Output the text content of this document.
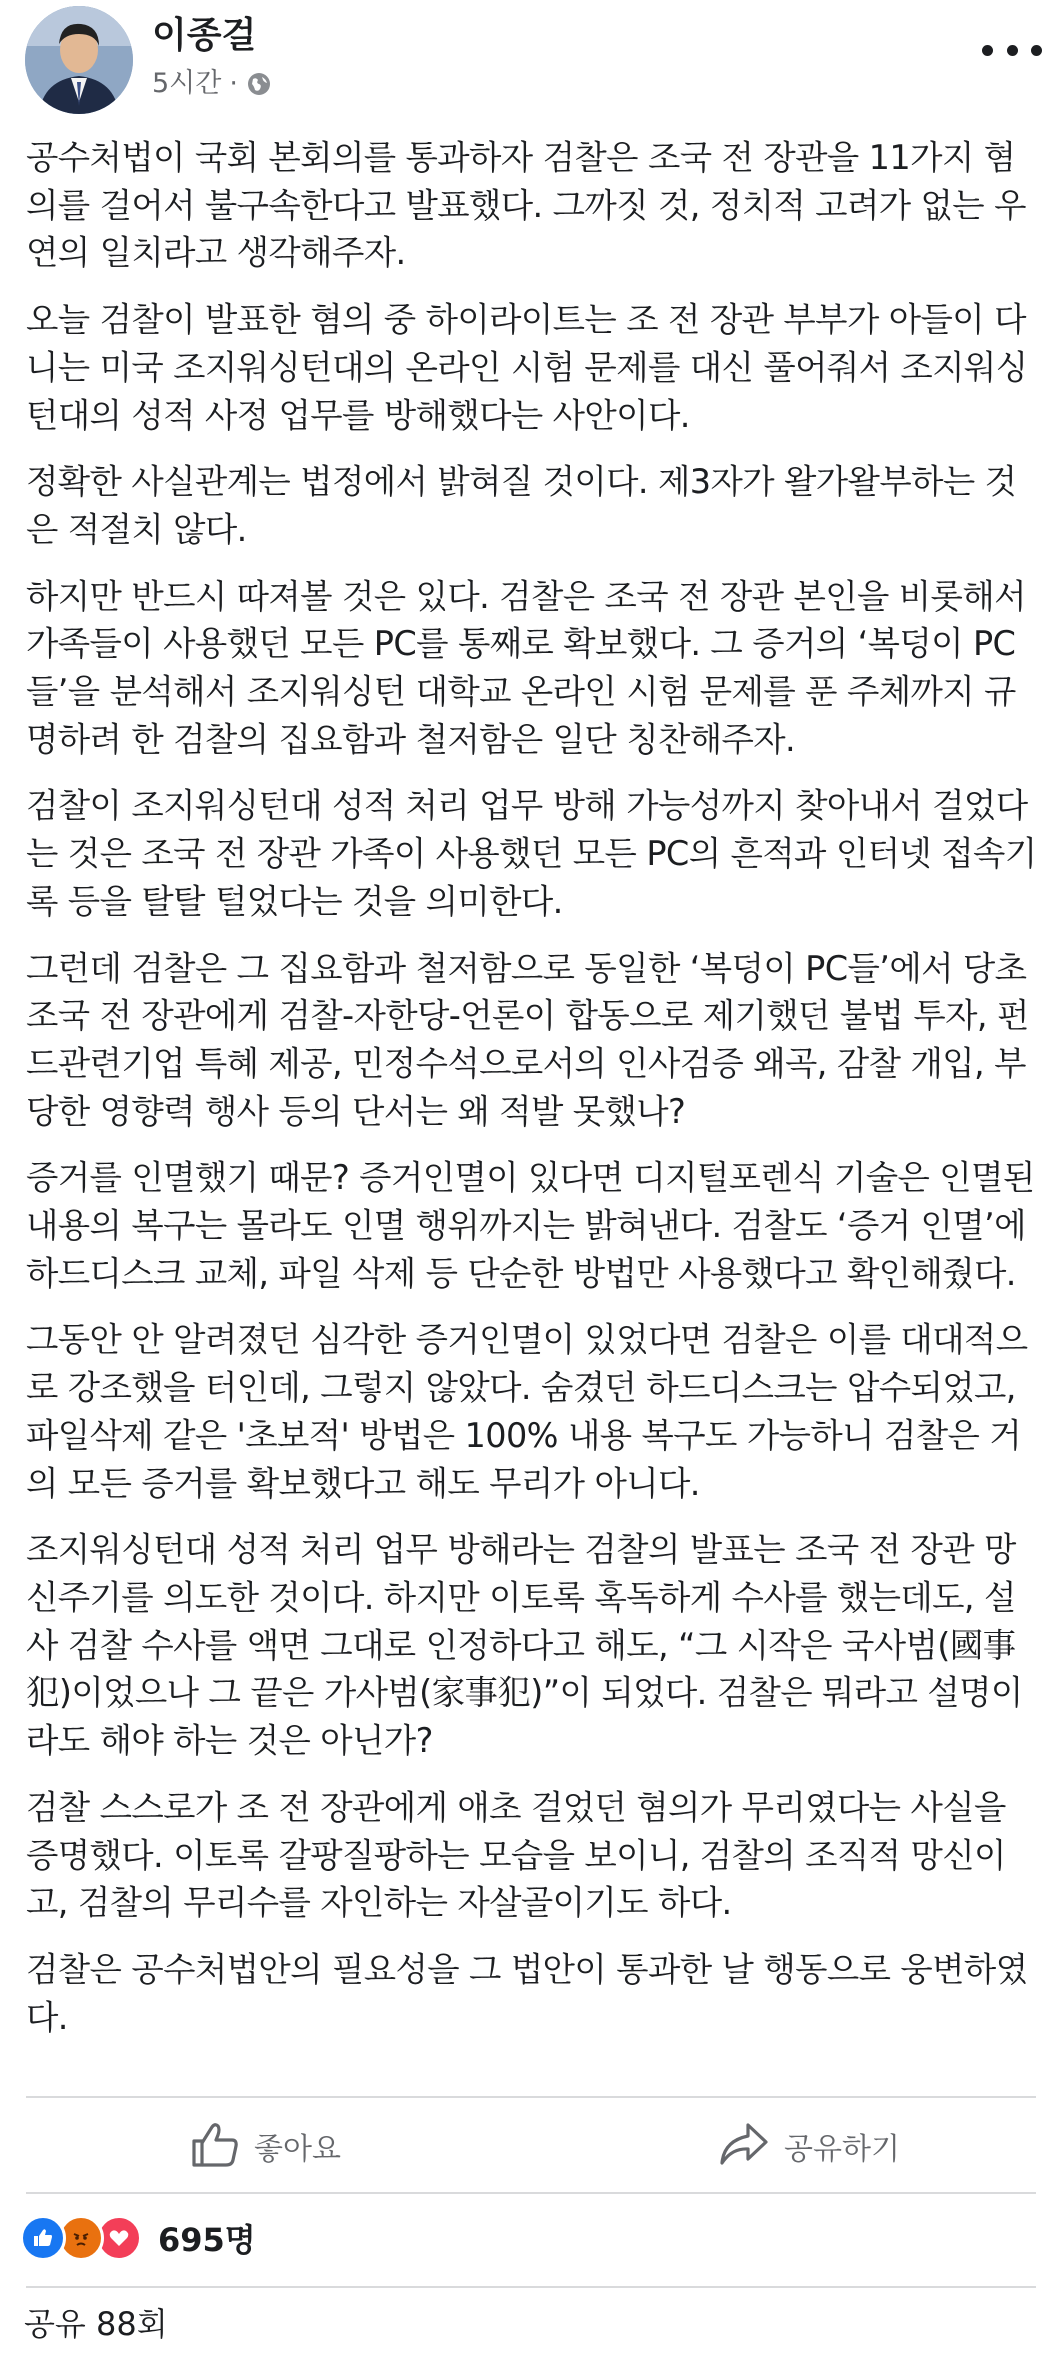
이종걸
5시간 ·

공수처법이 국회 본회의를 통과하자 검찰은 조국 전 장관을 11가지 혐의를 걸어서 불구속한다고 발표했다. 그까짓 것, 정치적 고려가 없는 우연의 일치라고 생각해주자.

오늘 검찰이 발표한 혐의 중 하이라이트는 조 전 장관 부부가 아들이 다니는 미국 조지워싱턴대의 온라인 시험 문제를 대신 풀어줘서 조지워싱턴대의 성적 사정 업무를 방해했다는 사안이다.

정확한 사실관계는 법정에서 밝혀질 것이다. 제3자가 왈가왈부하는 것은 적절치 않다.

하지만 반드시 따져볼 것은 있다. 검찰은 조국 전 장관 본인을 비롯해서 가족들이 사용했던 모든 PC를 통째로 확보했다. 그 증거의 ‘복덩이 PC들’을 분석해서 조지워싱턴 대학교 온라인 시험 문제를 푼 주체까지 규명하려 한 검찰의 집요함과 철저함은 일단 칭찬해주자.

검찰이 조지워싱턴대 성적 처리 업무 방해 가능성까지 찾아내서 걸었다는 것은 조국 전 장관 가족이 사용했던 모든 PC의 흔적과 인터넷 접속기록 등을 탈탈 털었다는 것을 의미한다.

그런데 검찰은 그 집요함과 철저함으로 동일한 ‘복덩이 PC들’에서 당초 조국 전 장관에게 검찰-자한당-언론이 합동으로 제기했던 불법 투자, 펀드관련기업 특혜 제공, 민정수석으로서의 인사검증 왜곡, 감찰 개입, 부당한 영향력 행사 등의 단서는 왜 적발 못했나?

증거를 인멸했기 때문? 증거인멸이 있다면 디지털포렌식 기술은 인멸된 내용의 복구는 몰라도 인멸 행위까지는 밝혀낸다. 검찰도 ‘증거 인멸’에 하드디스크 교체, 파일 삭제 등 단순한 방법만 사용했다고 확인해줬다.

그동안 안 알려졌던 심각한 증거인멸이 있었다면 검찰은 이를 대대적으로 강조했을 터인데, 그렇지 않았다. 숨겼던 하드디스크는 압수되었고, 파일삭제 같은 '초보적' 방법은 100% 내용 복구도 가능하니 검찰은 거의 모든 증거를 확보했다고 해도 무리가 아니다.

조지워싱턴대 성적 처리 업무 방해라는 검찰의 발표는 조국 전 장관 망신주기를 의도한 것이다. 하지만 이토록 혹독하게 수사를 했는데도, 설사 검찰 수사를 액면 그대로 인정하다고 해도, “그 시작은 국사범(國事犯)이었으나 그 끝은 가사범(家事犯)”이 되었다. 검찰은 뭐라고 설명이라도 해야 하는 것은 아닌가?

검찰 스스로가 조 전 장관에게 애초 걸었던 혐의가 무리였다는 사실을 증명했다. 이토록 갈팡질팡하는 모습을 보이니, 검찰의 조직적 망신이고, 검찰의 무리수를 자인하는 자살골이기도 하다.

검찰은 공수처법안의 필요성을 그 법안이 통과한 날 행동으로 웅변하였다.

좋아요	공유하기
695명
공유 88회
